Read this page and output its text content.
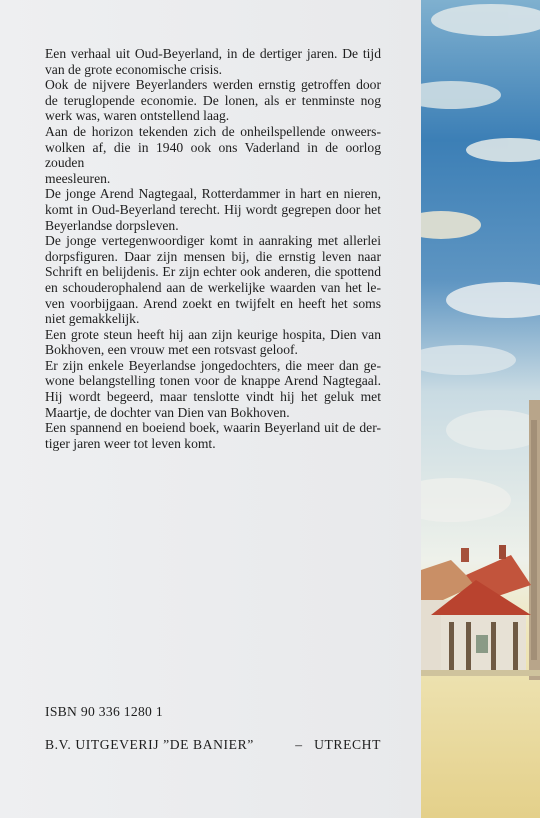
Een verhaal uit Oud-Beyerland, in de dertiger jaren. De tijd

van de grote economische crisis.

Ook de nijvere Beyerlanders werden ernstig getroffen door

de teruglopende economie. De lonen, als er tenminste nog

werk was, waren ontstellend laag.

Aan de horizon tekenden zich de onheilspellende onweers-

wolken af, die in 1940 ook ons Vaderland in de oorlog zouden

meesleuren.

De jonge Arend Nagtegaal, Rotterdammer in hart en nieren,

komt in Oud-Beyerland terecht. Hij wordt gegrepen door het

Beyerlandse dorpsleven.

De jonge vertegenwoordiger komt in aanraking met allerlei

dorpsfiguren. Daar zijn mensen bij, die ernstig leven naar

Schrift en belijdenis. Er zijn echter ook anderen, die spottend

en schouderophalend aan de werkelijke waarden van het le-

ven voorbijgaan. Arend zoekt en twijfelt en heeft het soms

niet gemakkelijk.

Een grote steun heeft hij aan zijn keurige hospita, Dien van

Bokhoven, een vrouw met een rotsvast geloof.

Er zijn enkele Beyerlandse jongedochters, die meer dan ge-

wone belangstelling tonen voor de knappe Arend Nagtegaal.

Hij wordt begeerd, maar tenslotte vindt hij het geluk met

Maartje, de dochter van Dien van Bokhoven.

Een spannend en boeiend boek, waarin Beyerland uit de der-

tiger jaren weer tot leven komt.

ISBN 90 336 1280 1
B.V. UITGEVERIJ ”DE BANIER”	– UTRECHT
